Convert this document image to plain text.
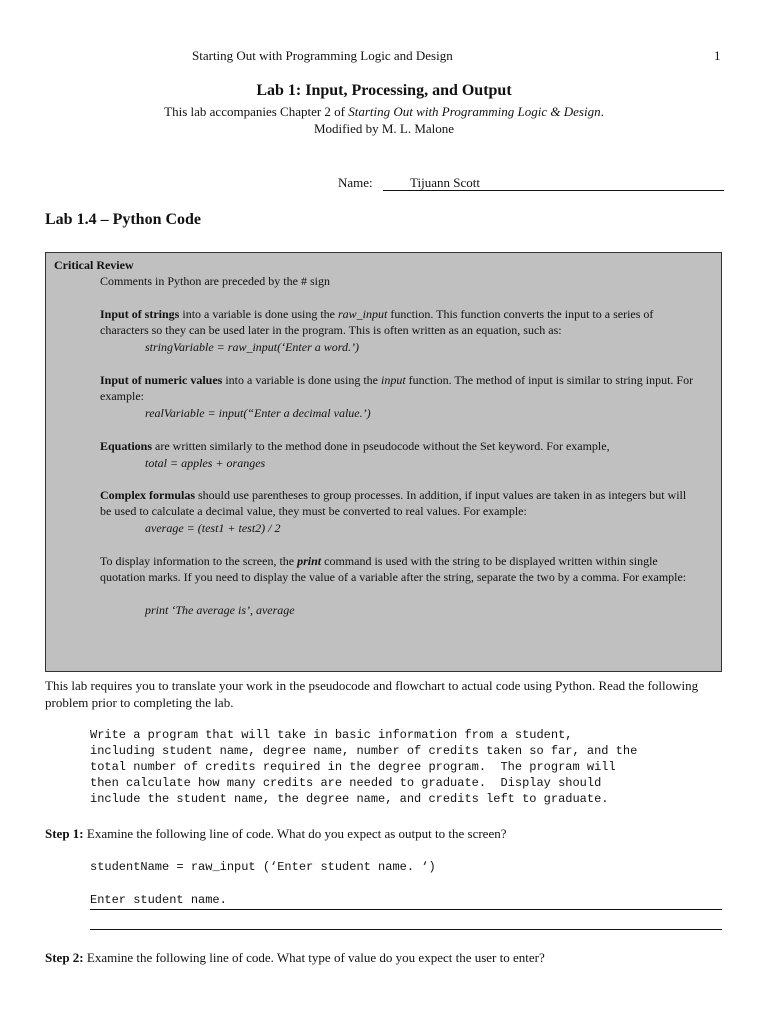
Starting Out with Programming Logic and Design	1
Lab 1: Input, Processing, and Output
This lab accompanies Chapter 2 of Starting Out with Programming Logic & Design.
Modified by M. L. Malone
Name:	Tijuann Scott
Lab 1.4 – Python Code
Critical Review
Comments in Python are preceded by the # sign
Input of strings into a variable is done using the raw_input function. This function converts the input to a series of characters so they can be used later in the program. This is often written as an equation, such as:
stringVariable = raw_input(‘Enter a word.’)
Input of numeric values into a variable is done using the input function. The method of input is similar to string input. For example:
realVariable = input(“Enter a decimal value.’)
Equations are written similarly to the method done in pseudocode without the Set keyword. For example,
total = apples + oranges
Complex formulas should use parentheses to group processes. In addition, if input values are taken in as integers but will be used to calculate a decimal value, they must be converted to real values. For example:
average = (test1 + test2) / 2
To display information to the screen, the print command is used with the string to be displayed written within single quotation marks. If you need to display the value of a variable after the string, separate the two by a comma. For example:
print ‘The average is’, average
This lab requires you to translate your work in the pseudocode and flowchart to actual code using Python. Read the following problem prior to completing the lab.
Write a program that will take in basic information from a student,
including student name, degree name, number of credits taken so far, and the
total number of credits required in the degree program.  The program will
then calculate how many credits are needed to graduate.  Display should
include the student name, the degree name, and credits left to graduate.
Step 1: Examine the following line of code. What do you expect as output to the screen?
studentName = raw_input (‘Enter student name. ‘)
Enter student name.
Step 2: Examine the following line of code. What type of value do you expect the user to enter?
